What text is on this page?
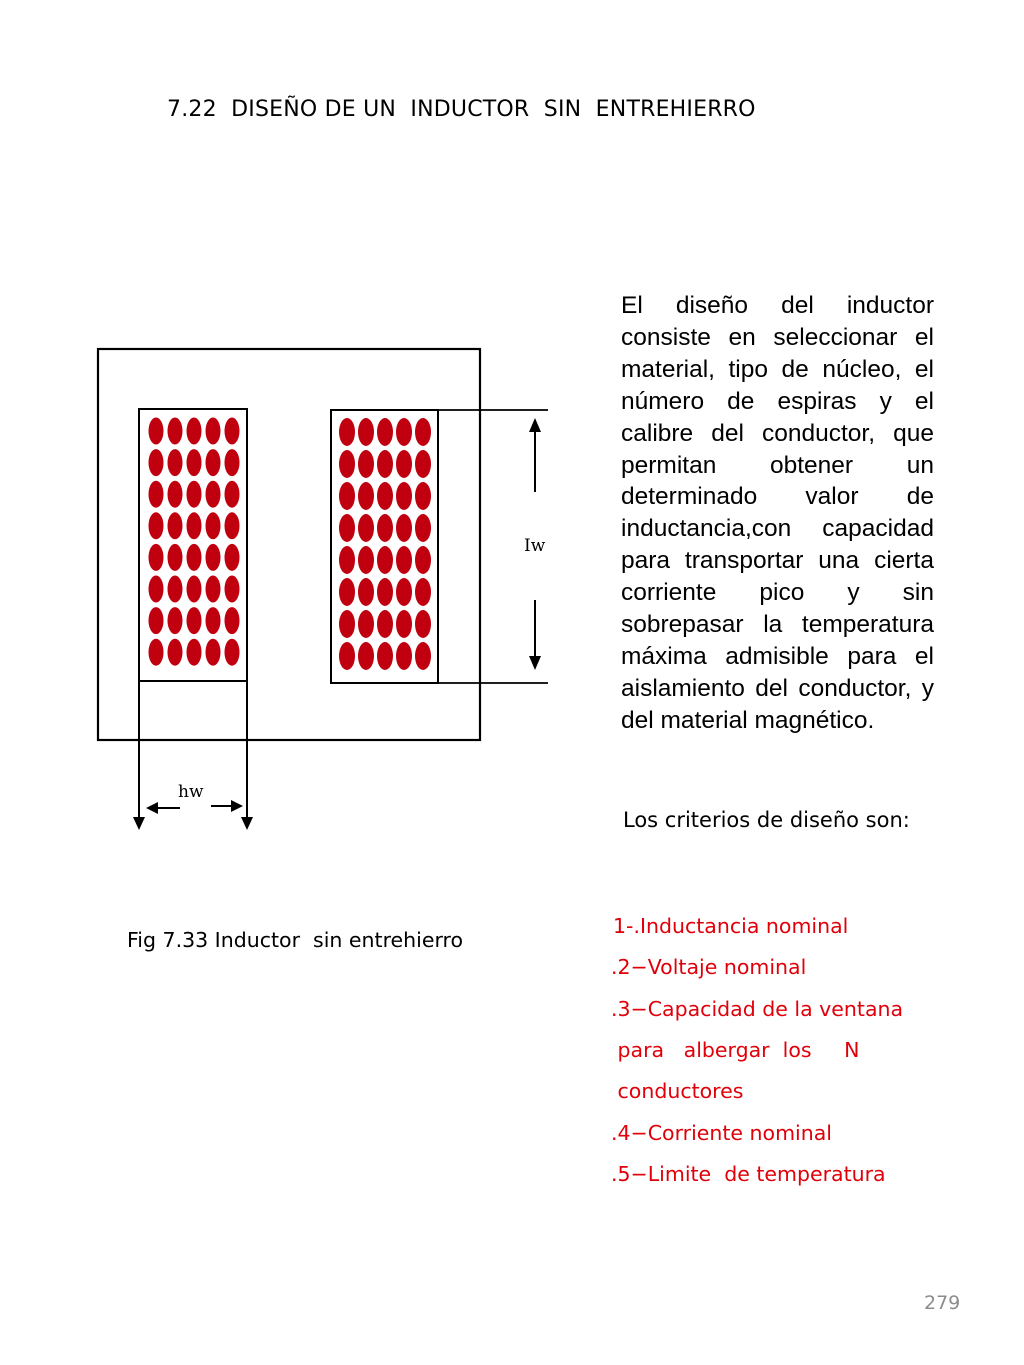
7.22  DISEÑO DE UN  INDUCTOR  SIN  ENTREHIERRO
Iw
hw

El diseño del inductor consiste en seleccionar el material, tipo de núcleo, el número de espiras y el calibre del conductor, que permitan obtener un determinado valor de inductancia,con capacidad para transportar una cierta corriente pico y sin sobrepasar la temperatura máxima admisible para el aislamiento del conductor, y del material magnético.

Los criterios de diseño son:
Fig 7.33 Inductor  sin entrehierro
1-.Inductancia nominal
.2−Voltaje nominal
.3−Capacidad de la ventana
para   albergar  los     N
conductores
.4−Corriente nominal
.5−Limite  de temperatura
279
